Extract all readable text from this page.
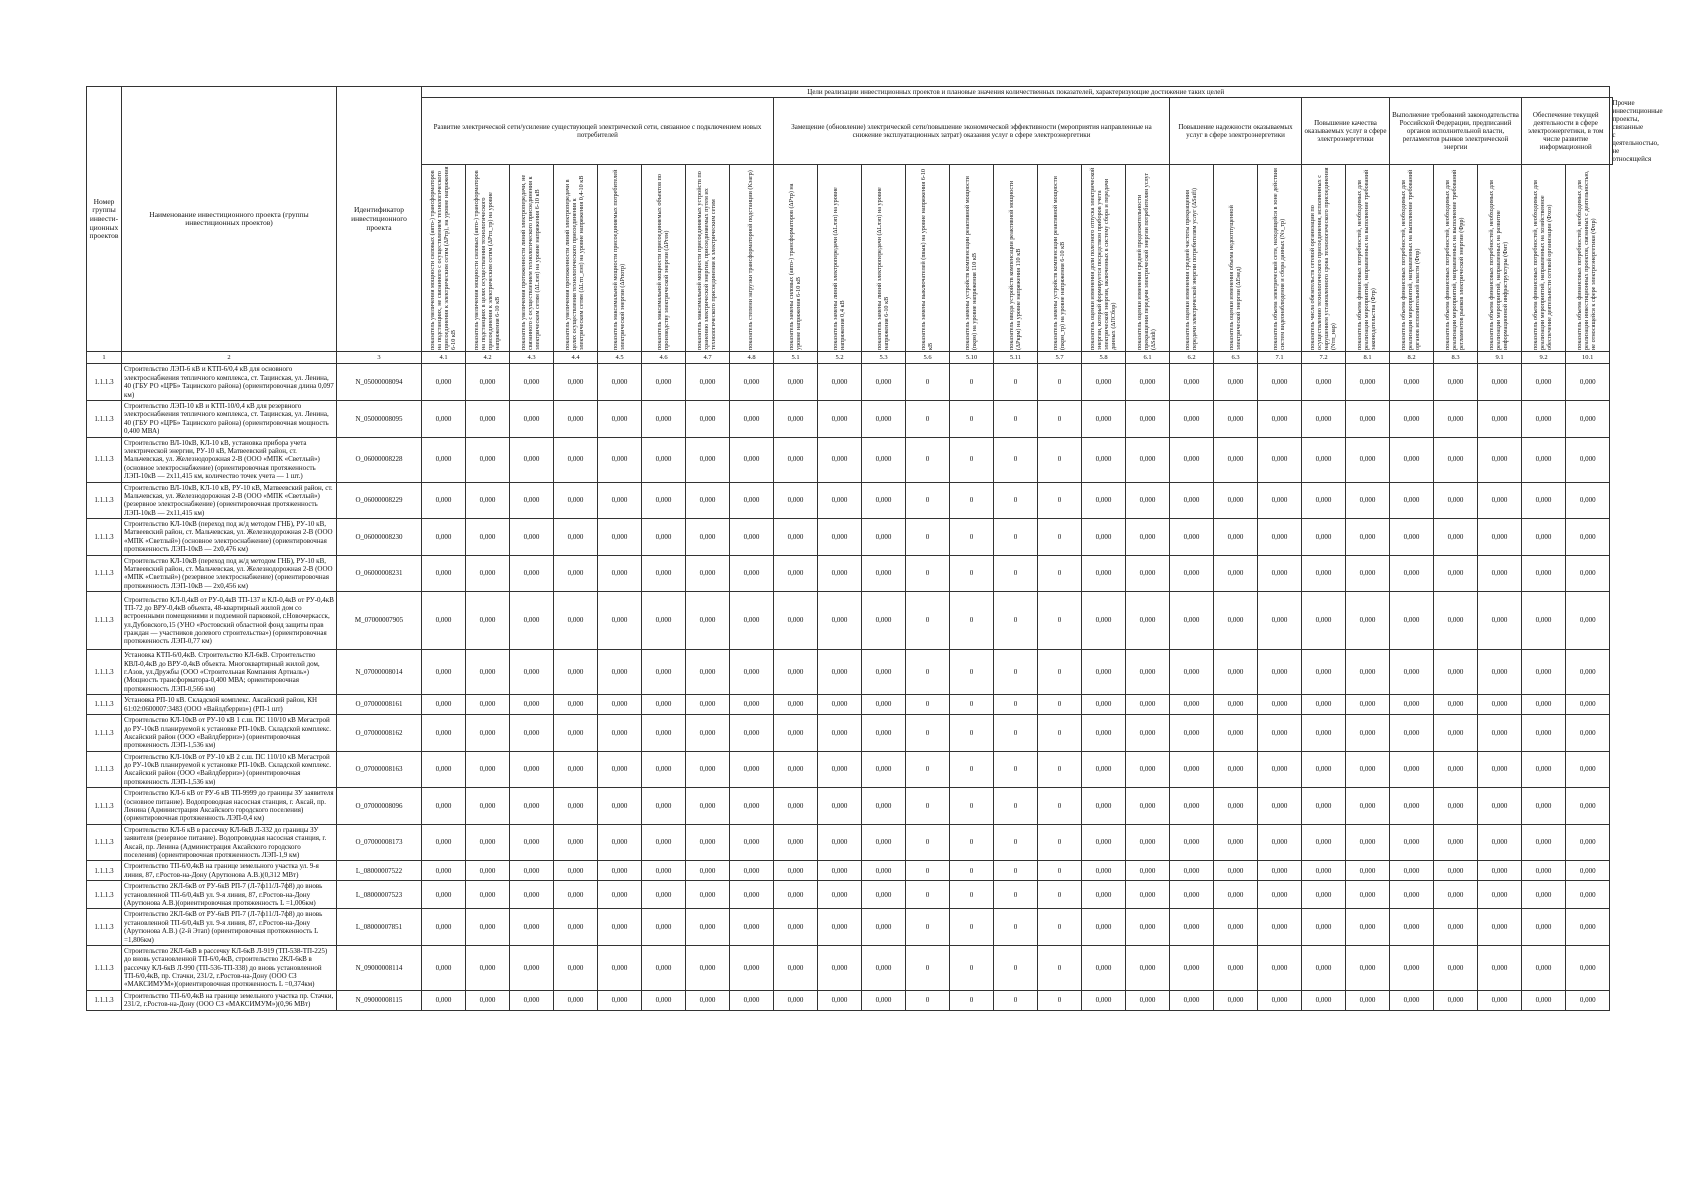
Номер группы инвести-ционных проектов	Наименование инвестиционного проекта (группы инвестиционных проектов)	Идентификатор инвестиционного проекта	Цели реализации инвестиционных проектов и плановые значения количественных показателей, характеризующие достижение таких целей																											
			Развитие электрической сети/усиление существующей электрической сети, связанное с подключением новых потребителей								Замещение (обновление) электрической сети/повышение экономической эффективности (мероприятия направленные на снижение эксплуатационных затрат) оказания услуг в сфере электроэнергетики									Повышение надежности оказываемых услуг в сфере электроэнергетики			Повышение качества оказываемых услуг в сфере электроэнергетики		Выполнение требований законодательства Российской Федерации, предписаний органов исполнительной власти, регламентов рынков электрической энергии			Обеспечение текущей деятельности в сфере электроэнергетики, в том числе развитие информационной		Прочие инвестиционные проекты, связанные с деятельностью, не относящейся

			показатель увеличения мощности силовых (авто-) трансформаторов на подстанциях, не связанного с осуществлением технологического присоединения к электрическим сетям (ΔPтр), на уровне напряжения 6-10 кВ	показатель увеличения мощности силовых (авто-) трансформаторов на подстанциях в целях осуществления технологического присоединения к электрическим сетям (ΔPтп_тр) на уровне напряжения 6-10 кВ	показатель увеличения протяженности линий электропередачи, не связанного с осуществлением технологического присоединения к электрическим сетям (ΔLлэп) на уровне напряжения 6-10 кВ	показатель увеличения протяженности линий электропередачи в целях осуществления технологического присоединения к электрическим сетям (ΔLтп_лэп) на уровне напряжения 0,4-10 кВ	показатель максимальной мощности присоединяемых потребителей электрической энергии (ΔPпотр)	показатель максимальной мощности присоединяемых объектов по производству электрической энергии (ΔPген)	показатель максимальной мощности присоединяемых устройств по хранению электрической энергии, присоединяемых путем их технологического присоединения к электрическим сетям	показатель степени загрузки трансформаторной подстанции (Kзагр)	показатель замены силовых (авто-) трансформаторов (ΔPтр) на уровне напряжения 6-10 кВ	показатель замены линий электропередачи (ΔLлэп) на уровне напряжения 0,4 кВ	показатель замены линий электропередачи (ΔLлэп) на уровне напряжения 6-10 кВ	показатель замены выключателей (nвык) на уровне напряжения 6-10 кВ	показатель замены устройств компенсации реактивной мощности (nкрм) на уровне напряжения 110 кВ	показатель ввода устройств компенсации реактивной мощности (ΔPкрм) на уровне напряжения 110 кВ	показатель замены устройств компенсации реактивной мощности (nкрм_тр) на уровне напряжения 6-10 кВ	показатель оценки изменения доли полезного отпуска электрической энергии, который формируется посредством приборов учета электрической энергии, включенных в систему сбора и передачи данных (ΔПСбор)	показатель оценки изменения средней продолжительности прекращения передачи электрической энергии потребителям услуг (ΔSaidi)	показатель оценки изменения средней частоты прекращения передачи электрической энергии потребителям услуг (ΔSaifi)	показатель оценки изменения объема недоотпущенной электрической энергии (ΔEнед)	показатель объема электрической сети, находящейся в зоне действия систем видеонаблюдения и сбора данных (Nэ_тр)	показатель числа обязательств сетевой организации по осуществлению технологического присоединения, исполненных с нарушением установленного срока технологического присоединения (Nтп_нар)	показатель объема финансовых потребностей, необходимых для реализации мероприятий, направленных на выполнение требований законодательства (Фтр)	показатель объема финансовых потребностей, необходимых для реализации мероприятий, направленных на выполнение требований органов исполнительной власти (Фпр)	показатель объема финансовых потребностей, необходимых для реализации мероприятий, направленных на выполнение требований регламентов рынков электрической энергии (Фрр)	показатель объема финансовых потребностей, необходимых для реализации мероприятий, направленных на развитие информационной инфраструктуры (Фит)	показатель объема финансовых потребностей, необходимых для реализации мероприятий, направленных на хозяйственное обеспечение деятельности сетевой организации (Фхоз)	показатель объема финансовых потребностей, необходимых для реализации инвестиционных проектов, связанных с деятельностью, не относящейся к сфере электроэнергетики (Фпр)	

1	2	3	4.1	4.2	4.3	4.4	4.5	4.6	4.7	4.8	5.1	5.2	5.3	5.6	5.10	5.11	5.7	5.8	6.1	6.2	6.3	7.1	7.2	8.1	8.2	8.3	9.1	9.2	10.1	
1.1.1.3	Строительство ЛЭП-6 кВ и КТП-6/0,4 кВ для основного электроснабжения тепличного комплекса, ст. Тацинская, ул. Ленина, 40 (ГБУ РО «ЦРБ» Тацинского района) (ориентировочная длина 0,097 км)	N_05000008094	0,000	0,000	0,000	0,000	0,000	0,000	0,000	0,000	0,000	0,000	0,000	0	0	0	0	0,000	0,000	0,000	0,000	0,000	0,000	0,000	0,000	0,000	0,000	0,000	0,000	
1.1.1.3	Строительство ЛЭП-10 кВ и КТП-10/0,4 кВ для резервного электроснабжения тепличного комплекса, ст. Тацинская, ул. Ленина, 40 (ГБУ РО «ЦРБ» Тацинского района) (ориентировочная мощность 0,400 МВА)	N_05000008095	0,000	0,000	0,000	0,000	0,000	0,000	0,000	0,000	0,000	0,000	0,000	0	0	0	0	0,000	0,000	0,000	0,000	0,000	0,000	0,000	0,000	0,000	0,000	0,000	0,000	
1.1.1.3	Строительство ВЛ-10кВ, КЛ-10 кВ, установка прибора учета электрической энергии, РУ-10 кВ, Матвеевский район, ст. Мальчевская, ул. Железнодорожная 2-В (ООО «МПК «Светлый») (основное электроснабжение) (ориентировочная протяженность ЛЭП-10кВ — 2х11,415 км, количество точек учета — 1 шт.)	O_06000008228	0,000	0,000	0,000	0,000	0,000	0,000	0,000	0,000	0,000	0,000	0,000	0	0	0	0	0,000	0,000	0,000	0,000	0,000	0,000	0,000	0,000	0,000	0,000	0,000	0,000	
1.1.1.3	Строительство ВЛ-10кВ, КЛ-10 кВ, РУ-10 кВ, Матвеевский район, ст. Мальчевская, ул. Железнодорожная 2-В (ООО «МПК «Светлый») (резервное электроснабжение) (ориентировочная протяженность ЛЭП-10кВ — 2х11,415 км)	O_06000008229	0,000	0,000	0,000	0,000	0,000	0,000	0,000	0,000	0,000	0,000	0,000	0	0	0	0	0,000	0,000	0,000	0,000	0,000	0,000	0,000	0,000	0,000	0,000	0,000	0,000	
1.1.1.3	Строительство КЛ-10кВ (переход под ж/д методом ГНБ), РУ-10 кВ, Матвеевский район, ст. Мальчевская, ул. Железнодорожная 2-В (ООО «МПК «Светлый») (основное электроснабжение) (ориентировочная протяженность ЛЭП-10кВ — 2х0,476 км)	O_06000008230	0,000	0,000	0,000	0,000	0,000	0,000	0,000	0,000	0,000	0,000	0,000	0	0	0	0	0,000	0,000	0,000	0,000	0,000	0,000	0,000	0,000	0,000	0,000	0,000	0,000	
1.1.1.3	Строительство КЛ-10кВ (переход под ж/д методом ГНБ), РУ-10 кВ, Матвеевский район, ст. Мальчевская, ул. Железнодорожная 2-В (ООО «МПК «Светлый») (резервное электроснабжение) (ориентировочная протяженность ЛЭП-10кВ — 2х0,456 км)	O_06000008231	0,000	0,000	0,000	0,000	0,000	0,000	0,000	0,000	0,000	0,000	0,000	0	0	0	0	0,000	0,000	0,000	0,000	0,000	0,000	0,000	0,000	0,000	0,000	0,000	0,000	
1.1.1.3	Строительство КЛ-0,4кВ от РУ-0,4кВ ТП-137 и КЛ-0,4кВ от РУ-0,4кВ ТП-72 до ВРУ-0,4кВ объекта, 48-квартирный жилой дом со встроенными помещениями и подземной парковкой, г.Новочеркасск, ул.Дубовского,15 (УНО «Ростовский областной фонд защиты прав граждан — участников долевого строительства») (ориентировочная протяженность ЛЭП-0,77 км)	M_07000007905	0,000	0,000	0,000	0,000	0,000	0,000	0,000	0,000	0,000	0,000	0,000	0	0	0	0	0,000	0,000	0,000	0,000	0,000	0,000	0,000	0,000	0,000	0,000	0,000	0,000	
1.1.1.3	Установка КТП-6/0,4кВ. Строительство КЛ-6кВ. Строительство КВЛ-0,4кВ до ВРУ-0,4кВ объекта. Многоквартирный жилой дом, г.Азов, ул.Дружбы (ООО «Строительная Компания Артиаль») (Мощность трансформатора-0,400 МВА; ориентировочная протяженность ЛЭП-0,566 км)	N_07000008014	0,000	0,000	0,000	0,000	0,000	0,000	0,000	0,000	0,000	0,000	0,000	0	0	0	0	0,000	0,000	0,000	0,000	0,000	0,000	0,000	0,000	0,000	0,000	0,000	0,000	
1.1.1.3	Установка РП-10 кВ. Складской комплекс. Аксайский район, КН 61:02:0600007:3483 (ООО «Вайлдберриз») (РП-1 шт)	O_07000008161	0,000	0,000	0,000	0,000	0,000	0,000	0,000	0,000	0,000	0,000	0,000	0	0	0	0	0,000	0,000	0,000	0,000	0,000	0,000	0,000	0,000	0,000	0,000	0,000	0,000	
1.1.1.3	Строительство КЛ-10кВ от РУ-10 кВ 1 с.ш. ПС 110/10 кВ Мегастрой до РУ-10кВ планируемой к установке РП-10кВ. Складской комплекс. Аксайский район (ООО «Вайлдберриз») (ориентировочная протяженность ЛЭП-1,536 км)	O_07000008162	0,000	0,000	0,000	0,000	0,000	0,000	0,000	0,000	0,000	0,000	0,000	0	0	0	0	0,000	0,000	0,000	0,000	0,000	0,000	0,000	0,000	0,000	0,000	0,000	0,000	
1.1.1.3	Строительство КЛ-10кВ от РУ-10 кВ 2 с.ш. ПС 110/10 кВ Мегастрой до РУ-10кВ планируемой к установке РП-10кВ. Складской комплекс. Аксайский район (ООО «Вайлдберриз») (ориентировочная протяженность ЛЭП-1,536 км)	O_07000008163	0,000	0,000	0,000	0,000	0,000	0,000	0,000	0,000	0,000	0,000	0,000	0	0	0	0	0,000	0,000	0,000	0,000	0,000	0,000	0,000	0,000	0,000	0,000	0,000	0,000	
1.1.1.3	Строительство КЛ-6 кВ от РУ-6 кВ ТП-9999 до границы ЗУ заявителя (основное питание). Водопроводная насосная станция, г. Аксай, пр. Ленина (Администрация Аксайского городского поселения) (ориентировочная протяженность ЛЭП-0,4 км)	O_07000008096	0,000	0,000	0,000	0,000	0,000	0,000	0,000	0,000	0,000	0,000	0,000	0	0	0	0	0,000	0,000	0,000	0,000	0,000	0,000	0,000	0,000	0,000	0,000	0,000	0,000	
1.1.1.3	Строительство КЛ-6 кВ в рассечку КЛ-6кВ Л-332 до границы ЗУ заявителя (резервное питание). Водопроводная насосная станция, г. Аксай, пр. Ленина (Администрация Аксайского городского поселения) (ориентировочная протяженность ЛЭП-1,9 км)	O_07000008173	0,000	0,000	0,000	0,000	0,000	0,000	0,000	0,000	0,000	0,000	0,000	0	0	0	0	0,000	0,000	0,000	0,000	0,000	0,000	0,000	0,000	0,000	0,000	0,000	0,000	
1.1.1.3	Строительство ТП-6/0,4кВ на границе земельного участка ул. 9-я линия, 87, г.Ростов-на-Дону (Арутюнова А.В.)(0,312 МВт)	L_08000007522	0,000	0,000	0,000	0,000	0,000	0,000	0,000	0,000	0,000	0,000	0,000	0	0	0	0	0,000	0,000	0,000	0,000	0,000	0,000	0,000	0,000	0,000	0,000	0,000	0,000	
1.1.1.3	Строительство 2КЛ-6кВ от РУ-6кВ РП-7 (Л-7ф11/Л-7ф8) до вновь установленной ТП-6/0,4кВ ул. 9-я линия, 87, г.Ростов-на-Дону (Арутюнова А.В.)(ориентировочная протяженность L =1,006км)	L_08000007523	0,000	0,000	0,000	0,000	0,000	0,000	0,000	0,000	0,000	0,000	0,000	0	0	0	0	0,000	0,000	0,000	0,000	0,000	0,000	0,000	0,000	0,000	0,000	0,000	0,000	
1.1.1.3	Строительство 2КЛ-6кВ от РУ-6кВ РП-7 (Л-7ф11/Л-7ф8) до вновь установленной ТП-6/0,4кВ ул. 9-я линия, 87, г.Ростов-на-Дону (Арутюнова А.В.) (2-й Этап) (ориентировочная протяженность L =1,806км)	L_08000007851	0,000	0,000	0,000	0,000	0,000	0,000	0,000	0,000	0,000	0,000	0,000	0	0	0	0	0,000	0,000	0,000	0,000	0,000	0,000	0,000	0,000	0,000	0,000	0,000	0,000	
1.1.1.3	Строительство 2КЛ-6кВ в рассечку КЛ-6кВ Л-919 (ТП-538-ТП-225) до вновь установленной ТП-6/0,4кВ, строительство 2КЛ-6кВ в рассечку КЛ-6кВ Л-990 (ТП-536-ТП-338) до вновь установленной ТП-6/0,4кВ, пр. Стачки, 231/2, г.Ростов-на-Дону (ООО СЗ «МАКСИМУМ»)(ориентировочная протяженность L =0,374км)	N_09000008114	0,000	0,000	0,000	0,000	0,000	0,000	0,000	0,000	0,000	0,000	0,000	0	0	0	0	0,000	0,000	0,000	0,000	0,000	0,000	0,000	0,000	0,000	0,000	0,000	0,000	
1.1.1.3	Строительство ТП-6/0,4кВ на границе земельного участка пр. Стачки, 231/2, г.Ростов-на-Дону (ООО СЗ «МАКСИМУМ»)(0,96 МВт)	N_09000008115	0,000	0,000	0,000	0,000	0,000	0,000	0,000	0,000	0,000	0,000	0,000	0	0	0	0	0,000	0,000	0,000	0,000	0,000	0,000	0,000	0,000	0,000	0,000	0,000	0,000	
